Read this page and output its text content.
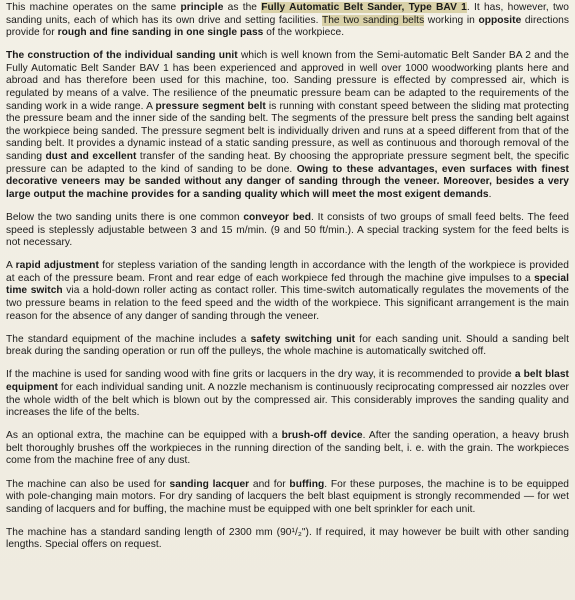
This machine operates on the same principle as the Fully Automatic Belt Sander, Type BAV 1. It has, however, two sanding units, each of which has its own drive and setting facilities. The two sanding belts working in opposite directions provide for rough and fine sanding in one single pass of the workpiece.

The construction of the individual sanding unit which is well known from the Semi-automatic Belt Sander BA 2 and the Fully Automatic Belt Sander BAV 1 has been experienced and approved in well over 1000 woodworking plants here and abroad and has therefore been used for this machine, too. Sanding pressure is effected by compressed air, which is regulated by means of a valve. The resilience of the pneumatic pressure beam can be adapted to the requirements of the sanding work in a wide range. A pressure segment belt is running with constant speed between the sliding mat protecting the pressure beam and the inner side of the sanding belt. The segments of the pressure belt press the sanding belt against the workpiece being sanded. The pressure segment belt is individually driven and runs at a speed different from that of the sanding belt. It provides a dynamic instead of a static sanding pressure, as well as continuous and thorough removal of the sanding dust and excellent transfer of the sanding heat. By choosing the appropriate pressure segment belt, the specific pressure can be adapted to the kind of sanding to be done. Owing to these advantages, even surfaces with finest decorative veneers may be sanded without any danger of sanding through the veneer. Moreover, besides a very large output the machine provides for a sanding quality which will meet the most exigent demands.

Below the two sanding units there is one common conveyor bed. It consists of two groups of small feed belts. The feed speed is steplessly adjustable between 3 and 15 m/min. (9 and 50 ft/min.). A special tracking system for the feed belts is not necessary.

A rapid adjustment for stepless variation of the sanding length in accordance with the length of the workpiece is provided at each of the pressure beam. Front and rear edge of each workpiece fed through the machine give impulses to a special time switch via a hold-down roller acting as contact roller. This time-switch automatically regulates the movements of the two pressure beams in relation to the feed speed and the width of the workpiece. This significant arrangement is the main reason for the absence of any danger of sanding through the veneer.

The standard equipment of the machine includes a safety switching unit for each sanding unit. Should a sanding belt break during the sanding operation or run off the pulleys, the whole machine is automatically switched off.

If the machine is used for sanding wood with fine grits or lacquers in the dry way, it is recommended to provide a belt blast equipment for each individual sanding unit. A nozzle mechanism is continuously reciprocating compressed air nozzles over the whole width of the belt which is blown out by the compressed air. This considerably improves the sanding quality and increases the life of the belts.

As an optional extra, the machine can be equipped with a brush-off device. After the sanding operation, a heavy brush belt thoroughly brushes off the workpieces in the running direction of the sanding belt, i. e. with the grain. The workpieces come from the machine free of any dust.

The machine can also be used for sanding lacquer and for buffing. For these purposes, the machine is to be equipped with pole-changing main motors. For dry sanding of lacquers the belt blast equipment is strongly recommended — for wet sanding of lacquers and for buffing, the machine must be equipped with one belt sprinkler for each unit.

The machine has a standard sanding length of 2300 mm (90¹/₂"). If required, it may however be built with other sanding lengths. Special offers on request.
